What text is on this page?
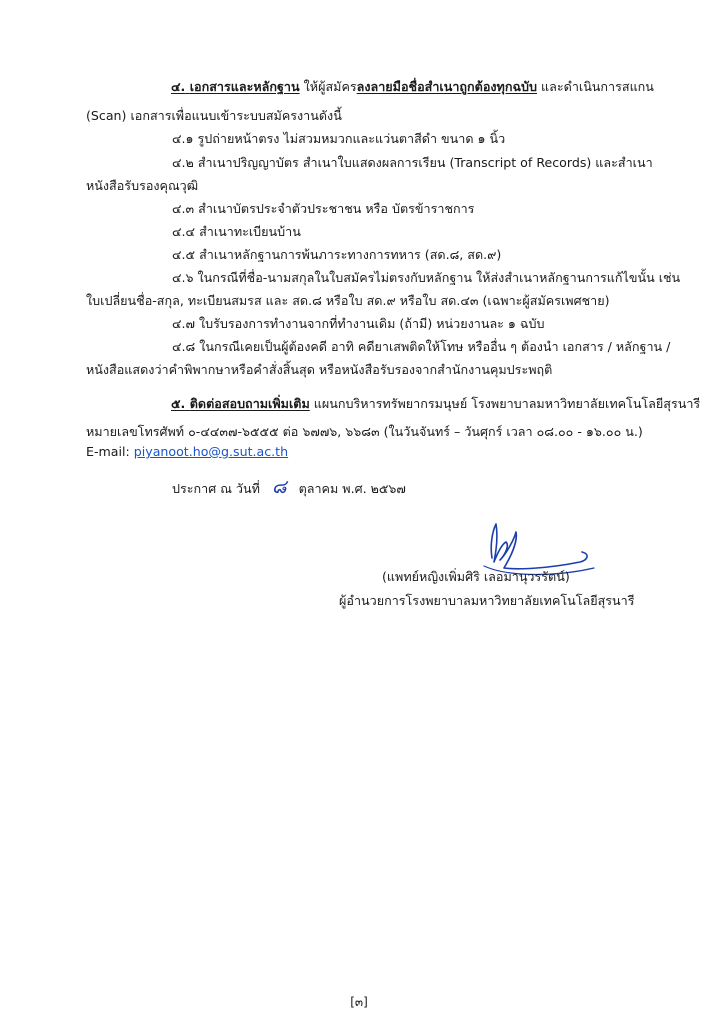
๔. เอกสารและหลักฐาน ให้ผู้สมัครลงลายมือชื่อสำเนาถูกต้องทุกฉบับ และดำเนินการสแกน
(Scan) เอกสารเพื่อแนบเข้าระบบสมัครงานดังนี้
๔.๑ รูปถ่ายหน้าตรง ไม่สวมหมวกและแว่นตาสีดำ ขนาด ๑ นิ้ว
๔.๒ สำเนาปริญญาบัตร สำเนาใบแสดงผลการเรียน (Transcript of Records) และสำเนา
หนังสือรับรองคุณวุฒิ
๔.๓ สำเนาบัตรประจำตัวประชาชน หรือ บัตรข้าราชการ
๔.๔ สำเนาทะเบียนบ้าน
๔.๕ สำเนาหลักฐานการพ้นภาระทางการทหาร (สด.๘, สด.๙)
๔.๖ ในกรณีที่ชื่อ-นามสกุลในใบสมัครไม่ตรงกับหลักฐาน ให้ส่งสำเนาหลักฐานการแก้ไขนั้น เช่น
ใบเปลี่ยนชื่อ-สกุล, ทะเบียนสมรส และ สด.๘ หรือใบ สด.๙ หรือใบ สด.๔๓ (เฉพาะผู้สมัครเพศชาย)
๔.๗ ใบรับรองการทำงานจากที่ทำงานเดิม (ถ้ามี) หน่วยงานละ ๑ ฉบับ
๔.๘ ในกรณีเคยเป็นผู้ต้องคดี อาทิ คดียาเสพติดให้โทษ หรืออื่น ๆ ต้องนำ เอกสาร / หลักฐาน /
หนังสือแสดงว่าคำพิพากษาหรือคำสั่งสิ้นสุด หรือหนังสือรับรองจากสำนักงานคุมประพฤติ
๕. ติดต่อสอบถามเพิ่มเติม แผนกบริหารทรัพยากรมนุษย์ โรงพยาบาลมหาวิทยาลัยเทคโนโลยีสุรนารี
หมายเลขโทรศัพท์ ๐-๔๔๓๗-๖๕๕๕ ต่อ ๖๗๗๖, ๖๖๘๓ (ในวันจันทร์ – วันศุกร์ เวลา ๐๘.๐๐ - ๑๖.๐๐ น.)
E-mail: piyanoot.ho@g.sut.ac.th
ประกาศ ณ วันที่ ๘ ตุลาคม พ.ศ. ๒๕๖๗
(แพทย์หญิงเพิ่มศิริ เลอมานุวรรัตน์)
ผู้อำนวยการโรงพยาบาลมหาวิทยาลัยเทคโนโลยีสุรนารี
[๓]
